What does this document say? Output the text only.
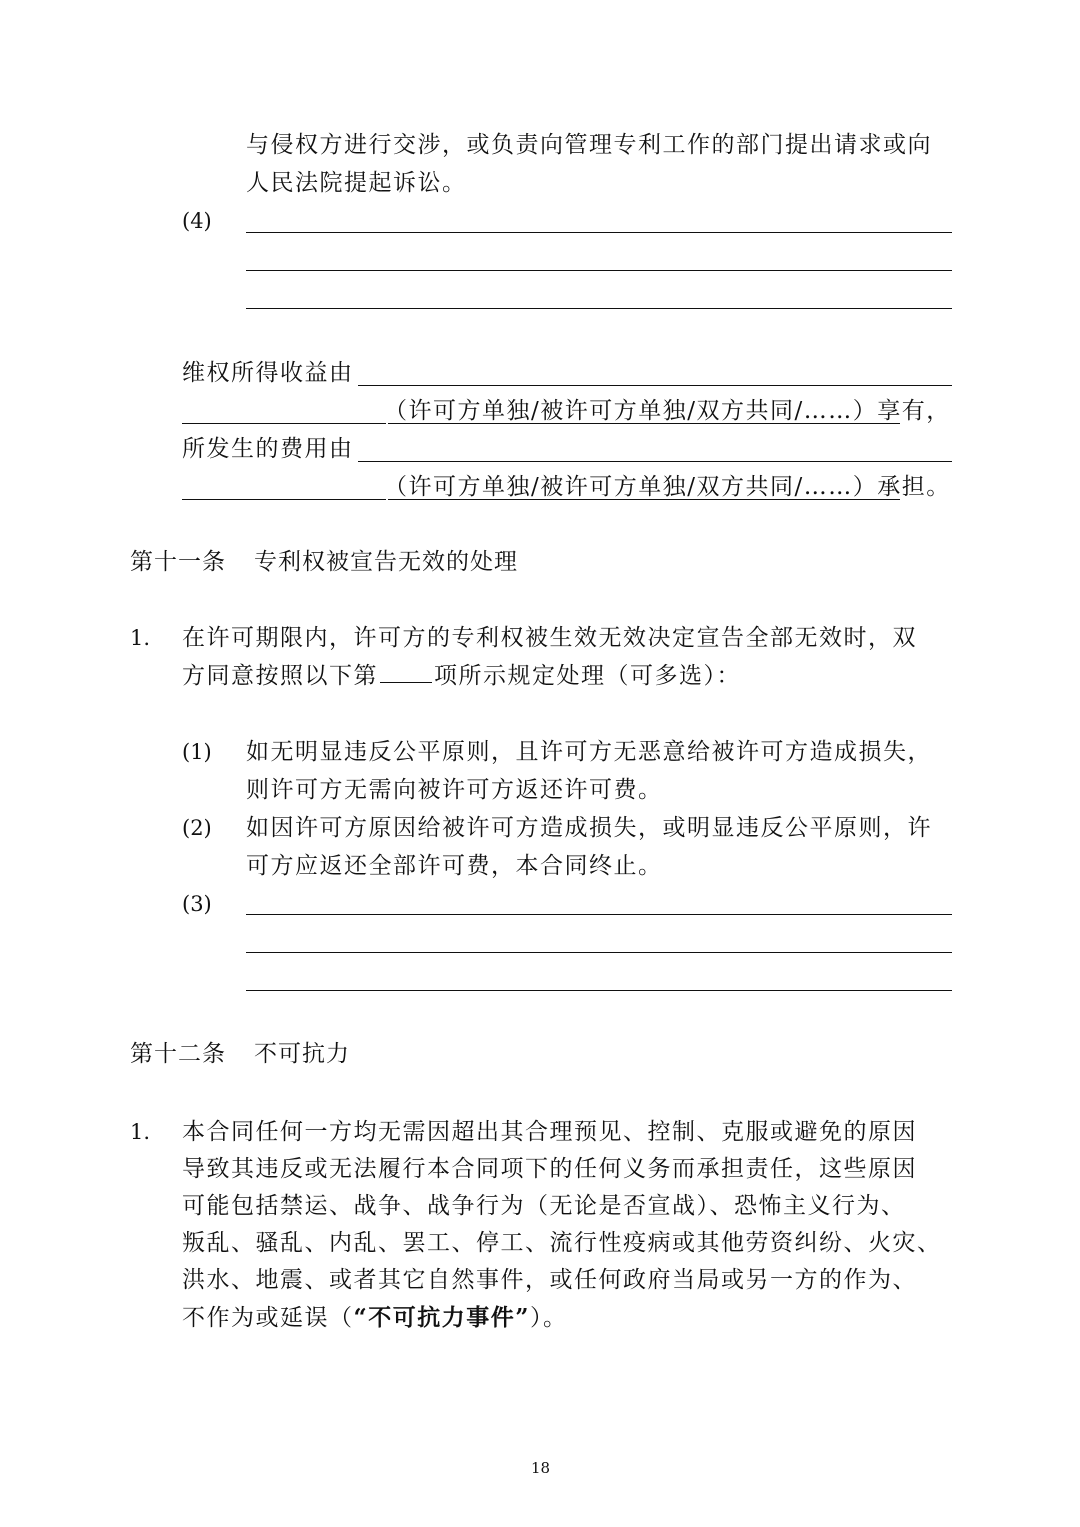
与侵权方进行交涉，或负责向管理专利工作的部门提出请求或向
人民法院提起诉讼。
(4)
维权所得收益由
（许可方单独/被许可方单独/双方共同/……）享有，
所发生的费用由
（许可方单独/被许可方单独/双方共同/……）承担。
第十一条 专利权被宣告无效的处理
1. 在许可期限内，许可方的专利权被生效无效决定宣告全部无效时，双
方同意按照以下第 项所示规定处理（可多选）：
(1) 如无明显违反公平原则，且许可方无恶意给被许可方造成损失，
则许可方无需向被许可方返还许可费。
(2) 如因许可方原因给被许可方造成损失，或明显违反公平原则，许
可方应返还全部许可费，本合同终止。
(3)
第十二条 不可抗力
1. 本合同任何一方均无需因超出其合理预见、控制、克服或避免的原因
导致其违反或无法履行本合同项下的任何义务而承担责任，这些原因
可能包括禁运、战争、战争行为（无论是否宣战）、恐怖主义行为、
叛乱、骚乱、内乱、罢工、停工、流行性疫病或其他劳资纠纷、火灾、
洪水、地震、或者其它自然事件，或任何政府当局或另一方的作为、
不作为或延误（“不可抗力事件”）。
18
